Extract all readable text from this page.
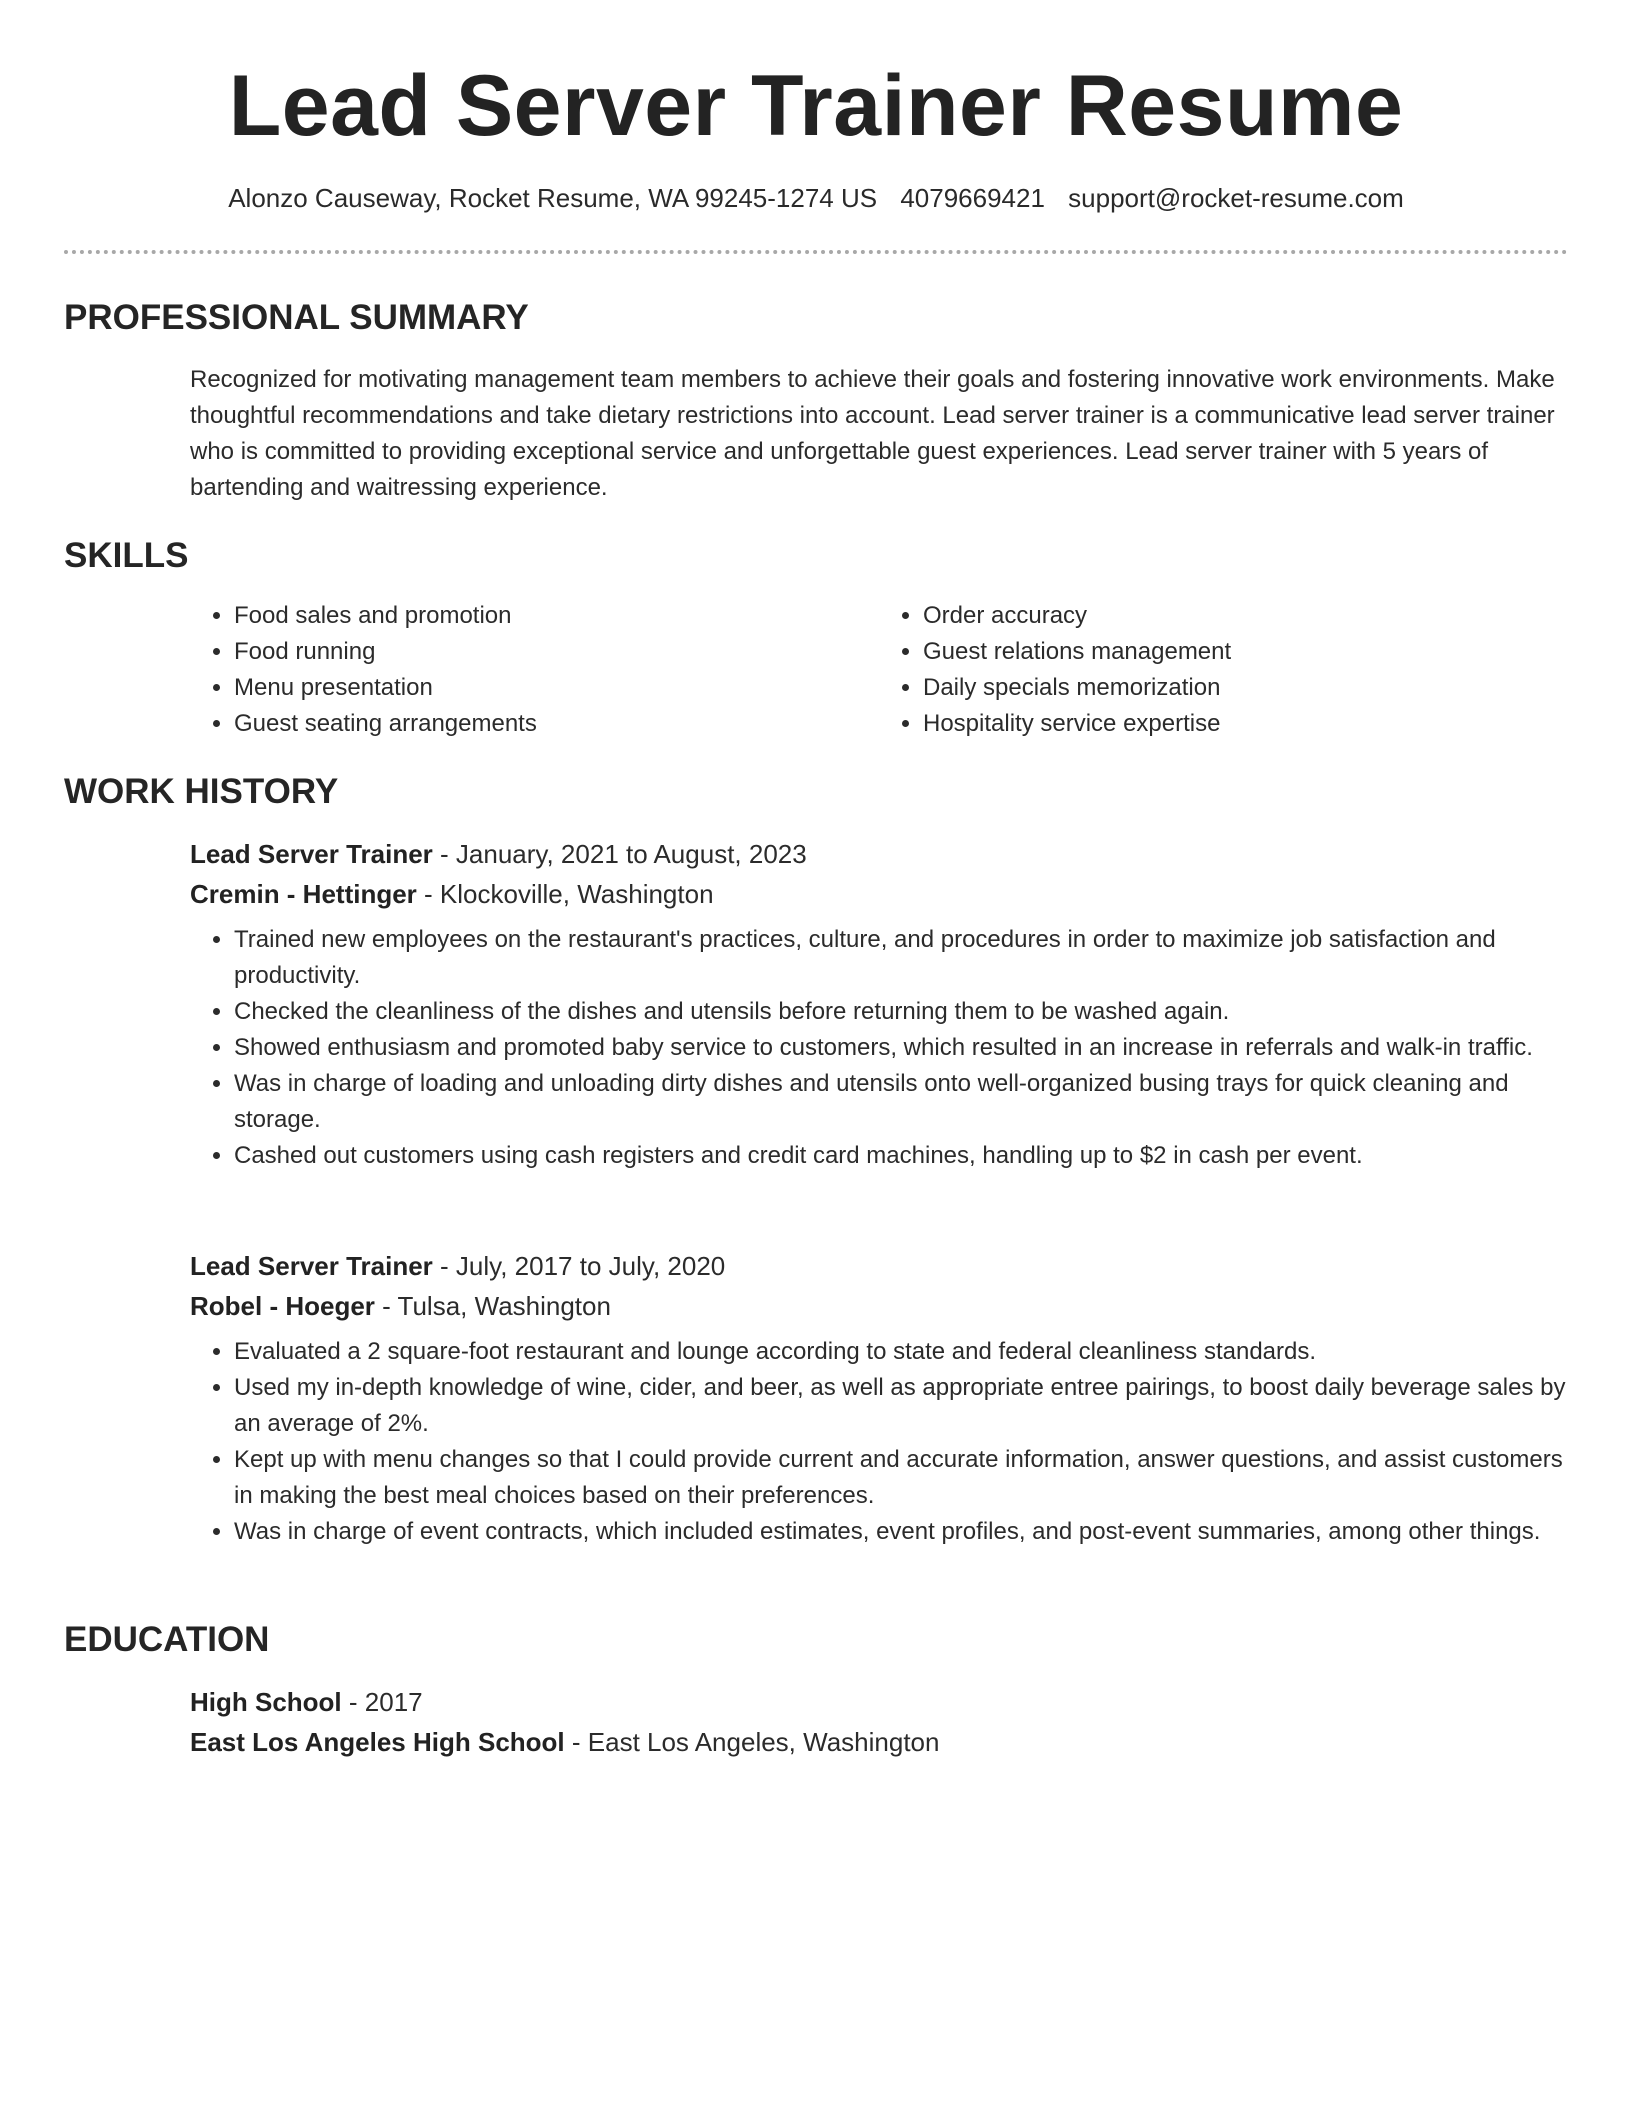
Lead Server Trainer Resume
Alonzo Causeway, Rocket Resume, WA 99245-1274 US 4079669421 support@rocket-resume.com
PROFESSIONAL SUMMARY
Recognized for motivating management team members to achieve their goals and fostering innovative work environments. Make thoughtful recommendations and take dietary restrictions into account. Lead server trainer is a communicative lead server trainer who is committed to providing exceptional service and unforgettable guest experiences. Lead server trainer with 5 years of bartending and waitressing experience.
SKILLS
• Food sales and promotion
• Food running
• Menu presentation
• Guest seating arrangements
• Order accuracy
• Guest relations management
• Daily specials memorization
• Hospitality service expertise
WORK HISTORY
Lead Server Trainer - January, 2021 to August, 2023
Cremin - Hettinger - Klockoville, Washington
• Trained new employees on the restaurant's practices, culture, and procedures in order to maximize job satisfaction and productivity.
• Checked the cleanliness of the dishes and utensils before returning them to be washed again.
• Showed enthusiasm and promoted baby service to customers, which resulted in an increase in referrals and walk-in traffic.
• Was in charge of loading and unloading dirty dishes and utensils onto well-organized busing trays for quick cleaning and storage.
• Cashed out customers using cash registers and credit card machines, handling up to $2 in cash per event.
Lead Server Trainer - July, 2017 to July, 2020
Robel - Hoeger - Tulsa, Washington
• Evaluated a 2 square-foot restaurant and lounge according to state and federal cleanliness standards.
• Used my in-depth knowledge of wine, cider, and beer, as well as appropriate entree pairings, to boost daily beverage sales by an average of 2%.
• Kept up with menu changes so that I could provide current and accurate information, answer questions, and assist customers in making the best meal choices based on their preferences.
• Was in charge of event contracts, which included estimates, event profiles, and post-event summaries, among other things.
EDUCATION
High School - 2017
East Los Angeles High School - East Los Angeles, Washington
